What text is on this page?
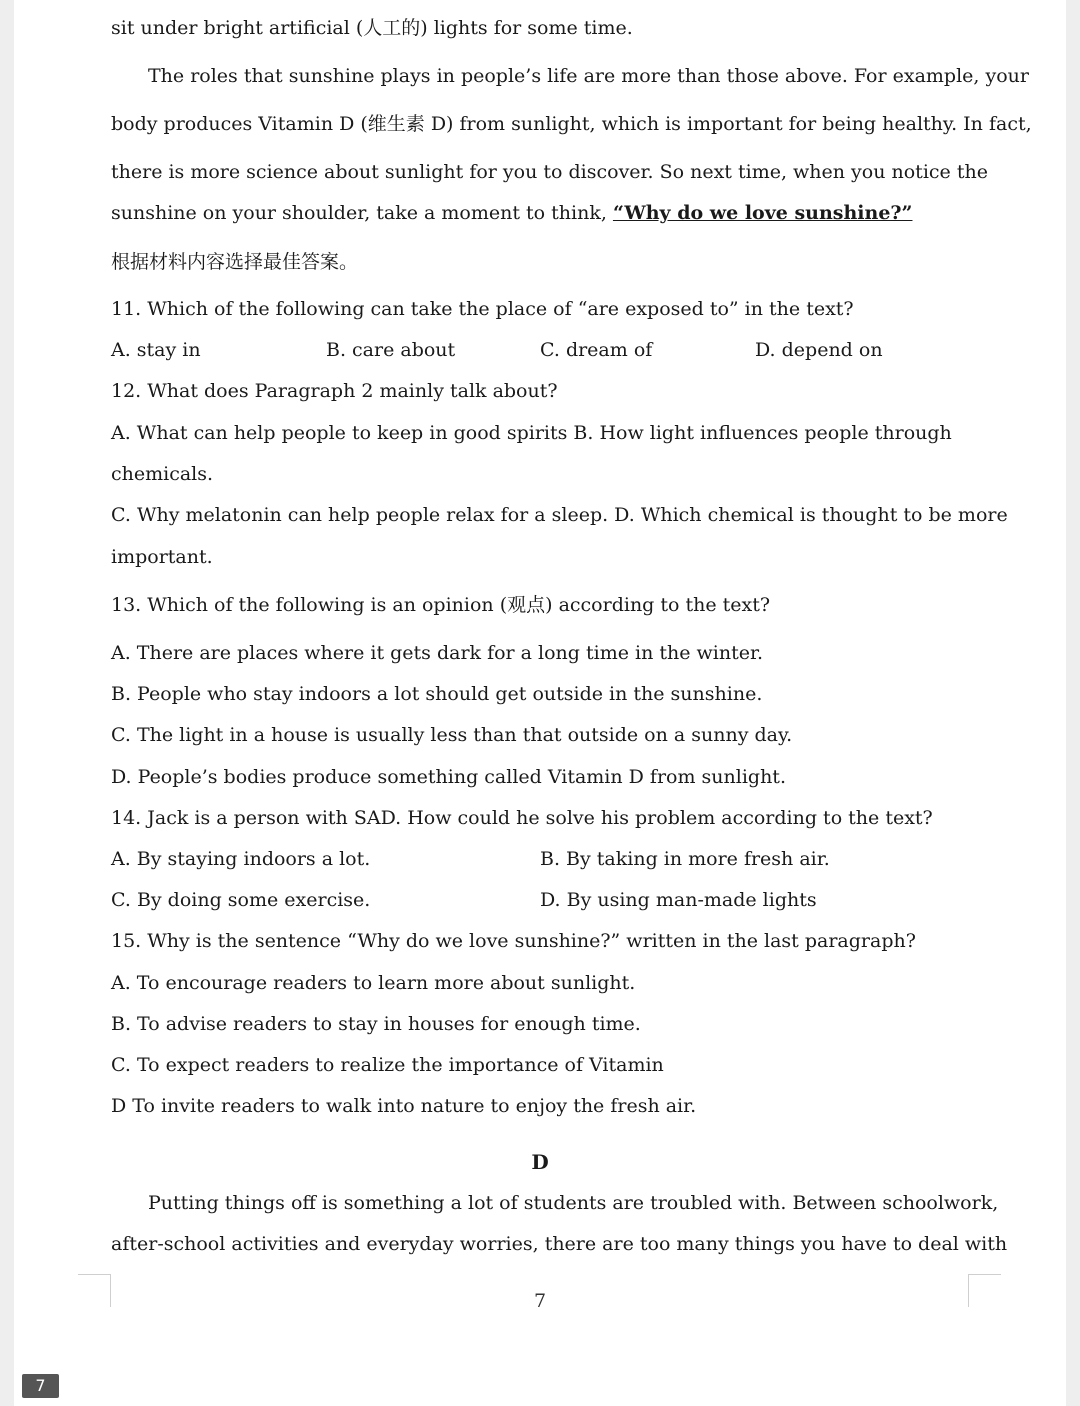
sit under bright artificial (人工的) lights for some time.
The roles that sunshine plays in people’s life are more than those above. For example, your
body produces Vitamin D (维生素 D) from sunlight, which is important for being healthy. In fact,
there is more science about sunlight for you to discover. So next time, when you notice the
sunshine on your shoulder, take a moment to think, “Why do we love sunshine?”
根据材料内容选择最佳答案。
11. Which of the following can take the place of “are exposed to” in the text?
A. stay in	B. care about	C. dream of	D. depend on
12. What does Paragraph 2 mainly talk about?
A. What can help people to keep in good spirits B. How light influences people through
chemicals.
C. Why melatonin can help people relax for a sleep. D. Which chemical is thought to be more
important.
13. Which of the following is an opinion (观点) according to the text?
A. There are places where it gets dark for a long time in the winter.
B. People who stay indoors a lot should get outside in the sunshine.
C. The light in a house is usually less than that outside on a sunny day.
D. People’s bodies produce something called Vitamin D from sunlight.
14. Jack is a person with SAD. How could he solve his problem according to the text?
A. By staying indoors a lot.	B. By taking in more fresh air.
C. By doing some exercise.	D. By using man-made lights
15. Why is the sentence “Why do we love sunshine?” written in the last paragraph?
A. To encourage readers to learn more about sunlight.
B. To advise readers to stay in houses for enough time.
C. To expect readers to realize the importance of Vitamin
D To invite readers to walk into nature to enjoy the fresh air.
D
Putting things off is something a lot of students are troubled with. Between schoolwork,
after-school activities and everyday worries, there are too many things you have to deal with
7
7
